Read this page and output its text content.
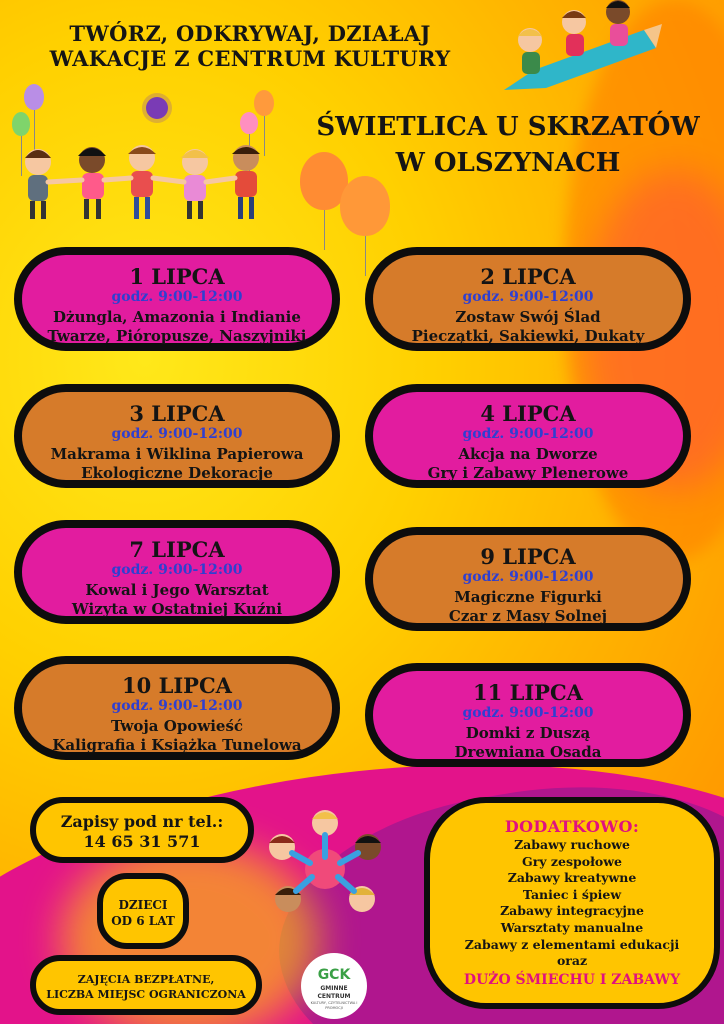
TWÓRZ, ODKRYWAJ, DZIAŁAJ
WAKACJE Z CENTRUM KULTURY
ŚWIETLICA U SKRZATÓW
W OLSZYNACH
1 LIPCA
godz. 9:00-12:00
Dżungla, Amazonia i Indianie
Twarze, Pióropusze, Naszyjniki
2 LIPCA
godz. 9:00-12:00
Zostaw Swój Ślad
Pieczątki, Sakiewki, Dukaty
3 LIPCA
godz. 9:00-12:00
Makrama i Wiklina Papierowa
Ekologiczne Dekoracje
4 LIPCA
godz. 9:00-12:00
Akcja na Dworze
Gry i Zabawy Plenerowe
7 LIPCA
godz. 9:00-12:00
Kowal i Jego Warsztat
Wizyta w Ostatniej Kuźni
9 LIPCA
godz. 9:00-12:00
Magiczne Figurki
Czar z Masy Solnej
10 LIPCA
godz. 9:00-12:00
Twoja Opowieść
Kaligrafia i Książka Tunelowa
11 LIPCA
godz. 9:00-12:00
Domki z Duszą
Drewniana Osada
Zapisy pod nr tel.:
14 65 31 571
DZIECI
OD 6 LAT
ZAJĘCIA BEZPŁATNE,
LICZBA MIEJSC OGRANICZONA
GCK
GMINNE CENTRUM
KULTURY, CZYTELNICTWA I PROMOCJI
DODATKOWO:
Zabawy ruchowe
Gry zespołowe
Zabawy kreatywne
Taniec i śpiew
Zabawy integracyjne
Warsztaty manualne
Zabawy z elementami edukacji
oraz
DUŻO ŚMIECHU I ZABAWY
